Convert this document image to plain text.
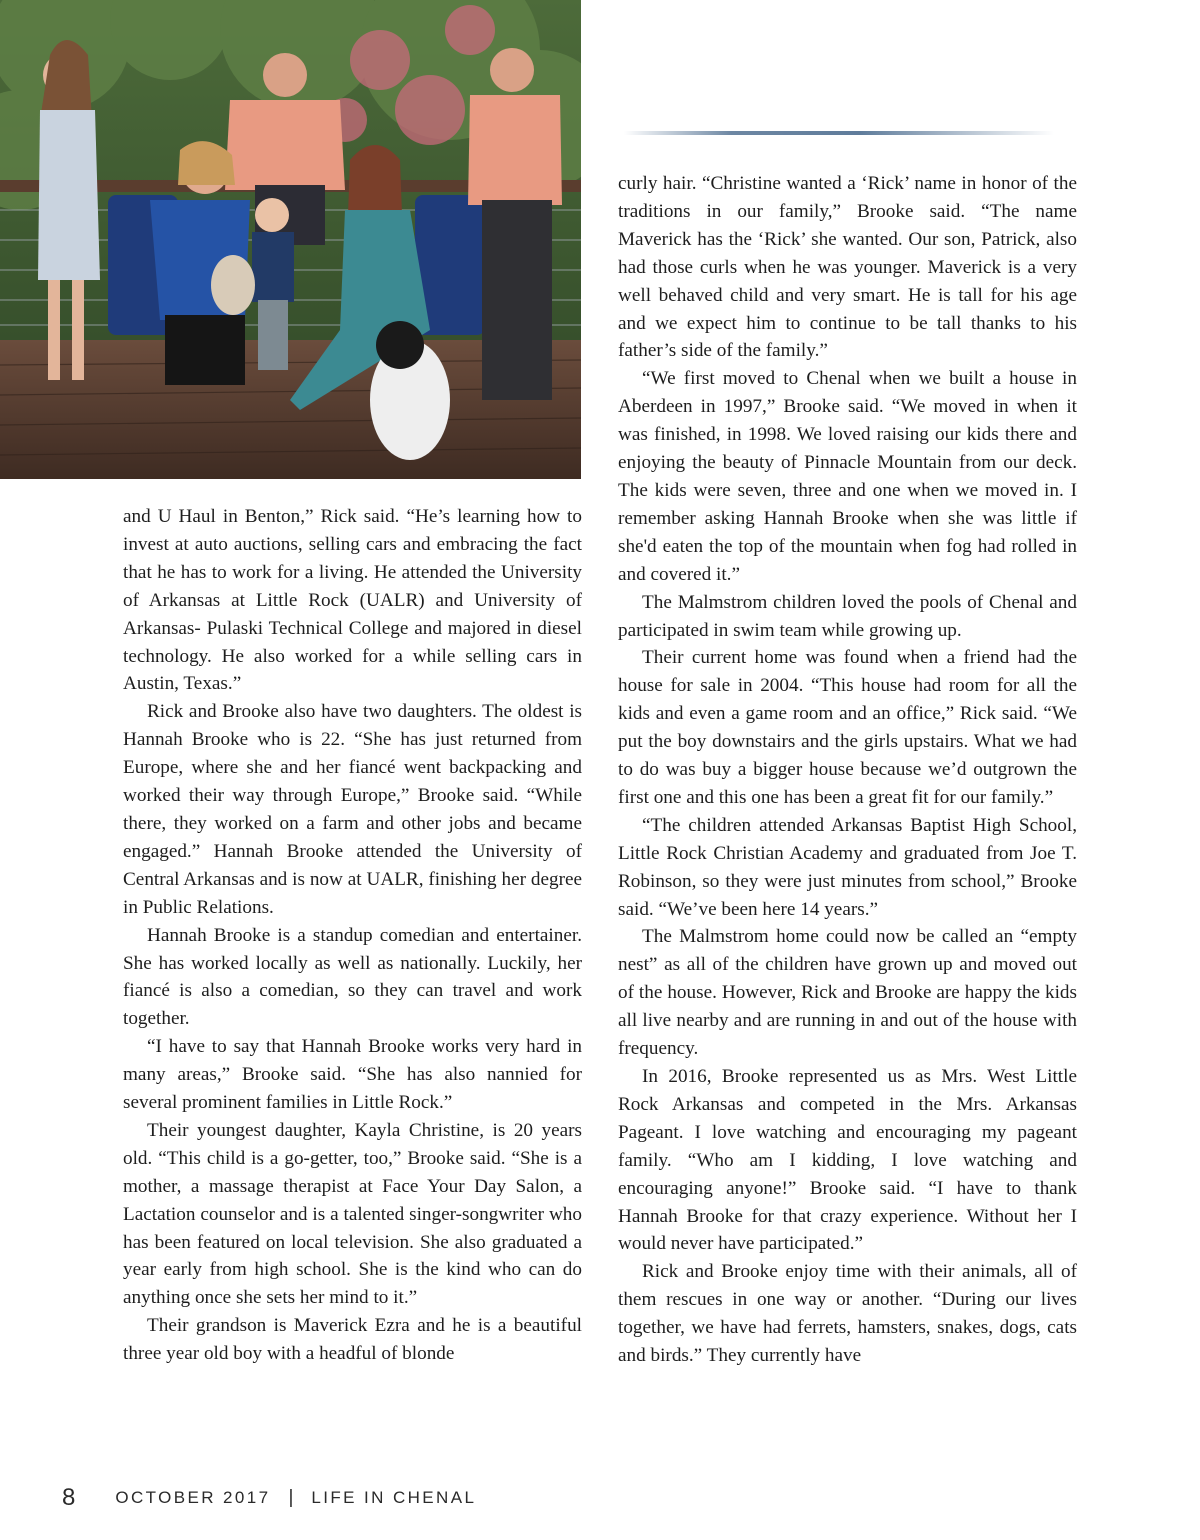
and U Haul in Benton,” Rick said. “He’s learning how to invest at auto auctions, selling cars and embracing the fact that he has to work for a living. He attended the University of Arkansas at Little Rock (UALR) and University of Arkansas- Pulaski Technical College and majored in diesel technology. He also worked for a while selling cars in Austin, Texas.”

Rick and Brooke also have two daughters. The oldest is Hannah Brooke who is 22. “She has just returned from Europe, where she and her fiancé went backpacking and worked their way through Europe,” Brooke said. “While there, they worked on a farm and other jobs and became engaged.” Hannah Brooke attended the University of Central Arkansas and is now at UALR, finishing her degree in Public Relations.

Hannah Brooke is a standup comedian and entertainer. She has worked locally as well as nationally. Luckily, her fiancé is also a comedian, so they can travel and work together.

“I have to say that Hannah Brooke works very hard in many areas,” Brooke said. “She has also nannied for several prominent families in Little Rock.”

Their youngest daughter, Kayla Christine, is 20 years old. “This child is a go-getter, too,” Brooke said. “She is a mother, a massage therapist at Face Your Day Salon, a Lactation counselor and is a talented singer-songwriter who has been featured on local television. She also graduated a year early from high school. She is the kind who can do anything once she sets her mind to it.”

Their grandson is Maverick Ezra and he is a beautiful three year old boy with a headful of blonde

curly hair. “Christine wanted a ‘Rick’ name in honor of the traditions in our family,” Brooke said. “The name Maverick has the ‘Rick’ she wanted. Our son, Patrick, also had those curls when he was younger. Maverick is a very well behaved child and very smart. He is tall for his age and we expect him to continue to be tall thanks to his father’s side of the family.”

“We first moved to Chenal when we built a house in Aberdeen in 1997,” Brooke said. “We moved in when it was finished, in 1998. We loved raising our kids there and enjoying the beauty of Pinnacle Mountain from our deck. The kids were seven, three and one when we moved in. I remember asking Hannah Brooke when she was little if she'd eaten the top of the mountain when fog had rolled in and covered it.”

The Malmstrom children loved the pools of Chenal and participated in swim team while growing up.

Their current home was found when a friend had the house for sale in 2004. “This house had room for all the kids and even a game room and an office,” Rick said. “We put the boy downstairs and the girls upstairs. What we had to do was buy a bigger house because we’d outgrown the first one and this one has been a great fit for our family.”

“The children attended Arkansas Baptist High School, Little Rock Christian Academy and graduated from Joe T. Robinson, so they were just minutes from school,” Brooke said. “We’ve been here 14 years.”

The Malmstrom home could now be called an “empty nest” as all of the children have grown up and moved out of the house. However, Rick and Brooke are happy the kids all live nearby and are running in and out of the house with frequency.

In 2016, Brooke represented us as Mrs. West Little Rock Arkansas and competed in the Mrs. Arkansas Pageant. I love watching and encouraging my pageant family. “Who am I kidding, I love watching and encouraging anyone!” Brooke said. “I have to thank Hannah Brooke for that crazy experience. Without her I would never have participated.”

Rick and Brooke enjoy time with their animals, all of them rescues in one way or another. “During our lives together, we have had ferrets, hamsters, snakes, dogs, cats and birds.” They currently have

8 OCTOBER 2017 | LIFE IN CHENAL
